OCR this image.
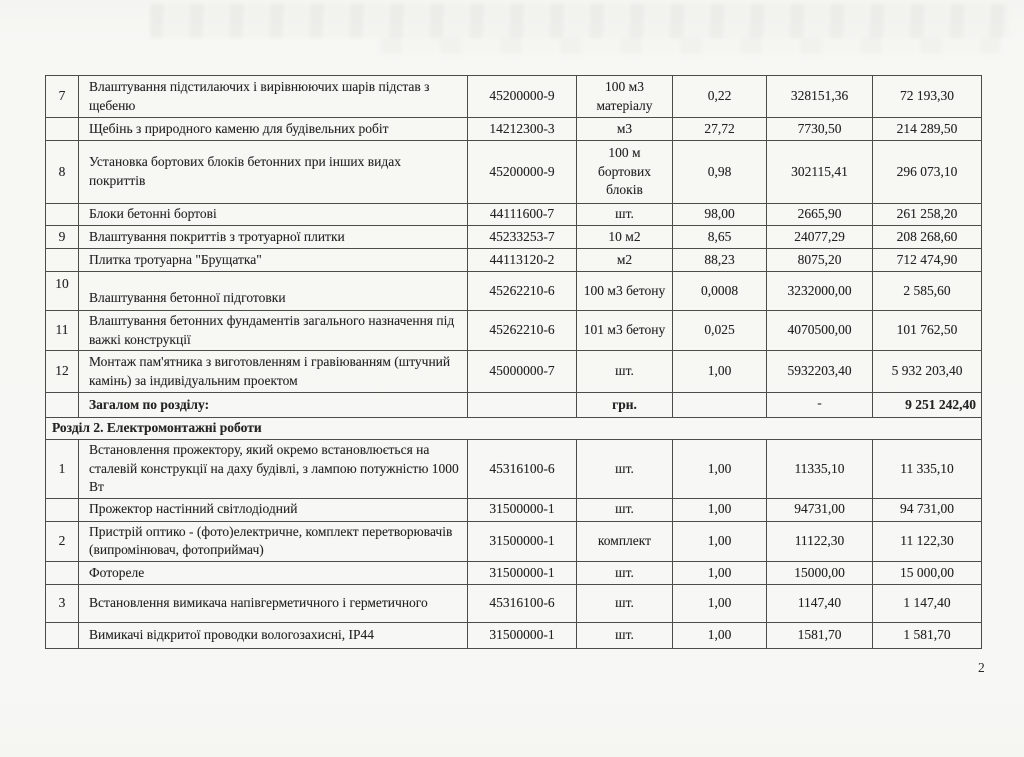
7	Влаштування підстилаючих і вирівнюючих шарів підстав з щебеню	45200000-9	100 м3 матеріалу	0,22	328151,36	72 193,30
	Щебінь з природного каменю для будівельних робіт	14212300-3	м3	27,72	7730,50	214 289,50
8	Установка бортових блоків бетонних при інших видах покриттів	45200000-9	100 м бортових блоків	0,98	302115,41	296 073,10
	Блоки бетонні бортові	44111600-7	шт.	98,00	2665,90	261 258,20
9	Влаштування покриттів з тротуарної плитки	45233253-7	10 м2	8,65	24077,29	208 268,60
	Плитка тротуарна "Брущатка"	44113120-2	м2	88,23	8075,20	712 474,90
10	Влаштування бетонної підготовки	45262210-6	100 м3 бетону	0,0008	3232000,00	2 585,60
11	Влаштування бетонних фундаментів загального назначення під важкі конструкції	45262210-6	101 м3 бетону	0,025	4070500,00	101 762,50
12	Монтаж пам'ятника з виготовленням і гравіюванням (штучний камінь) за індивідуальним проектом	45000000-7	шт.	1,00	5932203,40	5 932 203,40
	Загалом по розділу:		грн.		-	9 251 242,40
Розділ 2. Електромонтажні роботи						
1	Встановлення прожектору, який окремо встановлюється на сталевій конструкції на даху будівлі, з лампою потужністю 1000 Вт	45316100-6	шт.	1,00	11335,10	11 335,10
	Прожектор настінний світлодіодний	31500000-1	шт.	1,00	94731,00	94 731,00
2	Пристрій оптико - (фото)електричне, комплект перетворювачів (випромінювач, фотоприймач)	31500000-1	комплект	1,00	11122,30	11 122,30
	Фотореле	31500000-1	шт.	1,00	15000,00	15 000,00
3	Встановлення вимикача напівгерметичного і герметичного	45316100-6	шт.	1,00	1147,40	1 147,40
	Вимикачі відкритої проводки вологозахисні, IP44	31500000-1	шт.	1,00	1581,70	1 581,70
2
